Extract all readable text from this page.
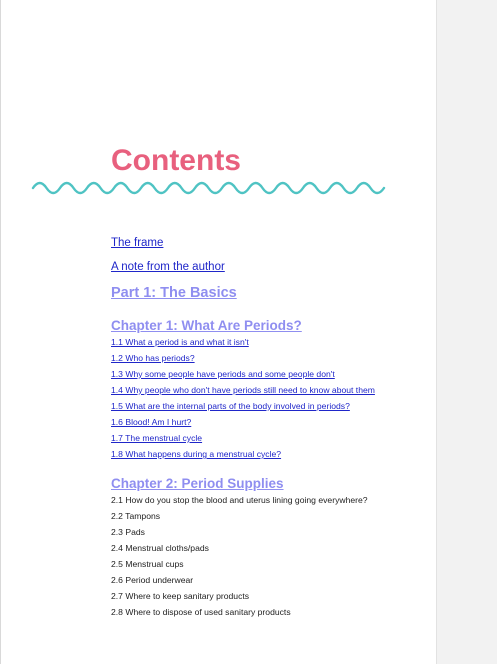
Contents
The frame
A note from the author
Part 1: The Basics
Chapter 1: What Are Periods?
1.1 What a period is and what it isn't
1.2 Who has periods?
1.3 Why some people have periods and some people don't
1.4 Why people who don't have periods still need to know about them
1.5 What are the internal parts of the body involved in periods?
1.6 Blood! Am I hurt?
1.7 The menstrual cycle
1.8 What happens during a menstrual cycle?
Chapter 2: Period Supplies
2.1 How do you stop the blood and uterus lining going everywhere?
2.2 Tampons
2.3 Pads
2.4 Menstrual cloths/pads
2.5 Menstrual cups
2.6 Period underwear
2.7 Where to keep sanitary products
2.8 Where to dispose of used sanitary products
